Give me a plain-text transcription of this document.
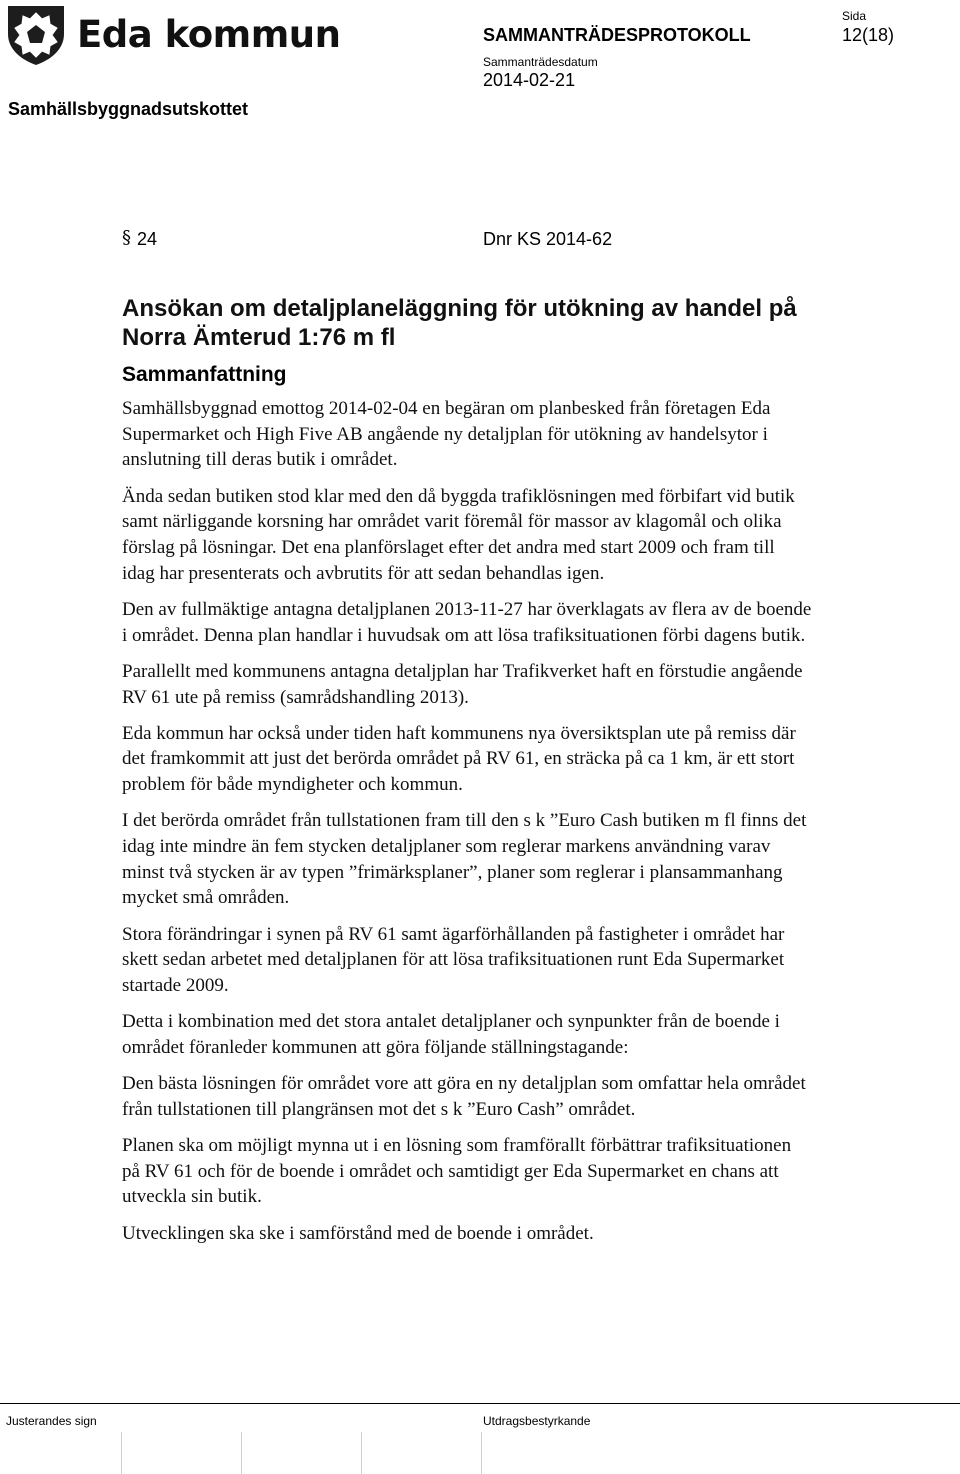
Eda kommun
Samhällsbyggnadsutskottet
SAMMANTRÄDESPROTOKOLL
Sammanträdesdatum
2014-02-21
Sida
12(18)
§ 24	Dnr KS 2014-62
Ansökan om detaljplaneläggning för utökning av handel på Norra Ämterud 1:76 m fl
Sammanfattning

Samhällsbyggnad emottog 2014-02-04 en begäran om planbesked från företagen Eda Supermarket och High Five AB angående ny detaljplan för utökning av handelsytor i anslutning till deras butik i området.

Ända sedan butiken stod klar med den då byggda trafiklösningen med förbifart vid butik samt närliggande korsning har området varit föremål för massor av klagomål och olika förslag på lösningar. Det ena planförslaget efter det andra med start 2009 och fram till idag har presenterats och avbrutits för att sedan behandlas igen.

Den av fullmäktige antagna detaljplanen 2013-11-27 har överklagats av flera av de boende i området. Denna plan handlar i huvudsak om att lösa trafiksituationen förbi dagens butik.

Parallellt med kommunens antagna detaljplan har Trafikverket haft en förstudie angående RV 61 ute på remiss (samrådshandling 2013).

Eda kommun har också under tiden haft kommunens nya översiktsplan ute på remiss där det framkommit att just det berörda området på RV 61, en sträcka på ca 1 km, är ett stort problem för både myndigheter och kommun.

I det berörda området från tullstationen fram till den s k ”Euro Cash butiken m fl finns det idag inte mindre än fem stycken detaljplaner som reglerar markens användning varav minst två stycken är av typen ”frimärksplaner”, planer som reglerar i plansammanhang mycket små områden.

Stora förändringar i synen på RV 61 samt ägarförhållanden på fastigheter i området har skett sedan arbetet med detaljplanen för att lösa trafiksituationen runt Eda Supermarket startade 2009.

Detta i kombination med det stora antalet detaljplaner och synpunkter från de boende i området föranleder kommunen att göra följande ställningstagande:

Den bästa lösningen för området vore att göra en ny detaljplan som omfattar hela området från tullstationen till plangränsen mot det s k ”Euro Cash” området.

Planen ska om möjligt mynna ut i en lösning som framförallt förbättrar trafiksituationen på RV 61 och för de boende i området och samtidigt ger Eda Supermarket en chans att utveckla sin butik.

Utvecklingen ska ske i samförstånd med de boende i området.

Justerandes sign	Utdragsbestyrkande
